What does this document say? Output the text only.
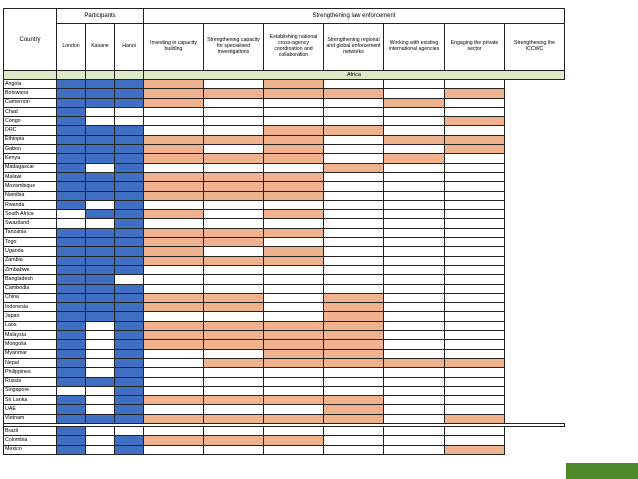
Country	Participants			Strengthening law enforcement						
	London	Kasane	Hanoi	Investing in capacity building	Strengthening capacity for specialised investigations	Establishing national cross-agency coordination and collaboration	Strengthening regional and global enforcement networks	Working with existing international agencies	Engaging the private sector	Strengthening the ICCWC
				Africa						
Angola										
Botswana										
Cameroon										
Chad										
Congo										
DRC										
Ethiopia										
Gabon										
Kenya										
Madagascar										
Malawi										
Mozambique										
Namibia										
Rwanda										
South Africa										
Swaziland										
Tanzania										
Togo										
Uganda										
Zambia										
Zimbabwe										
Bangladesh										
Cambodia										
China										
Indonesia										
Japan										
Laos										
Malaysia										
Mongolia										
Myanmar										
Nepal										
Philippines										
Russia										
Singapore										
Sri Lanka										
UAE										
Vietnam										

Brazil										
Colombia										
Mexico										
